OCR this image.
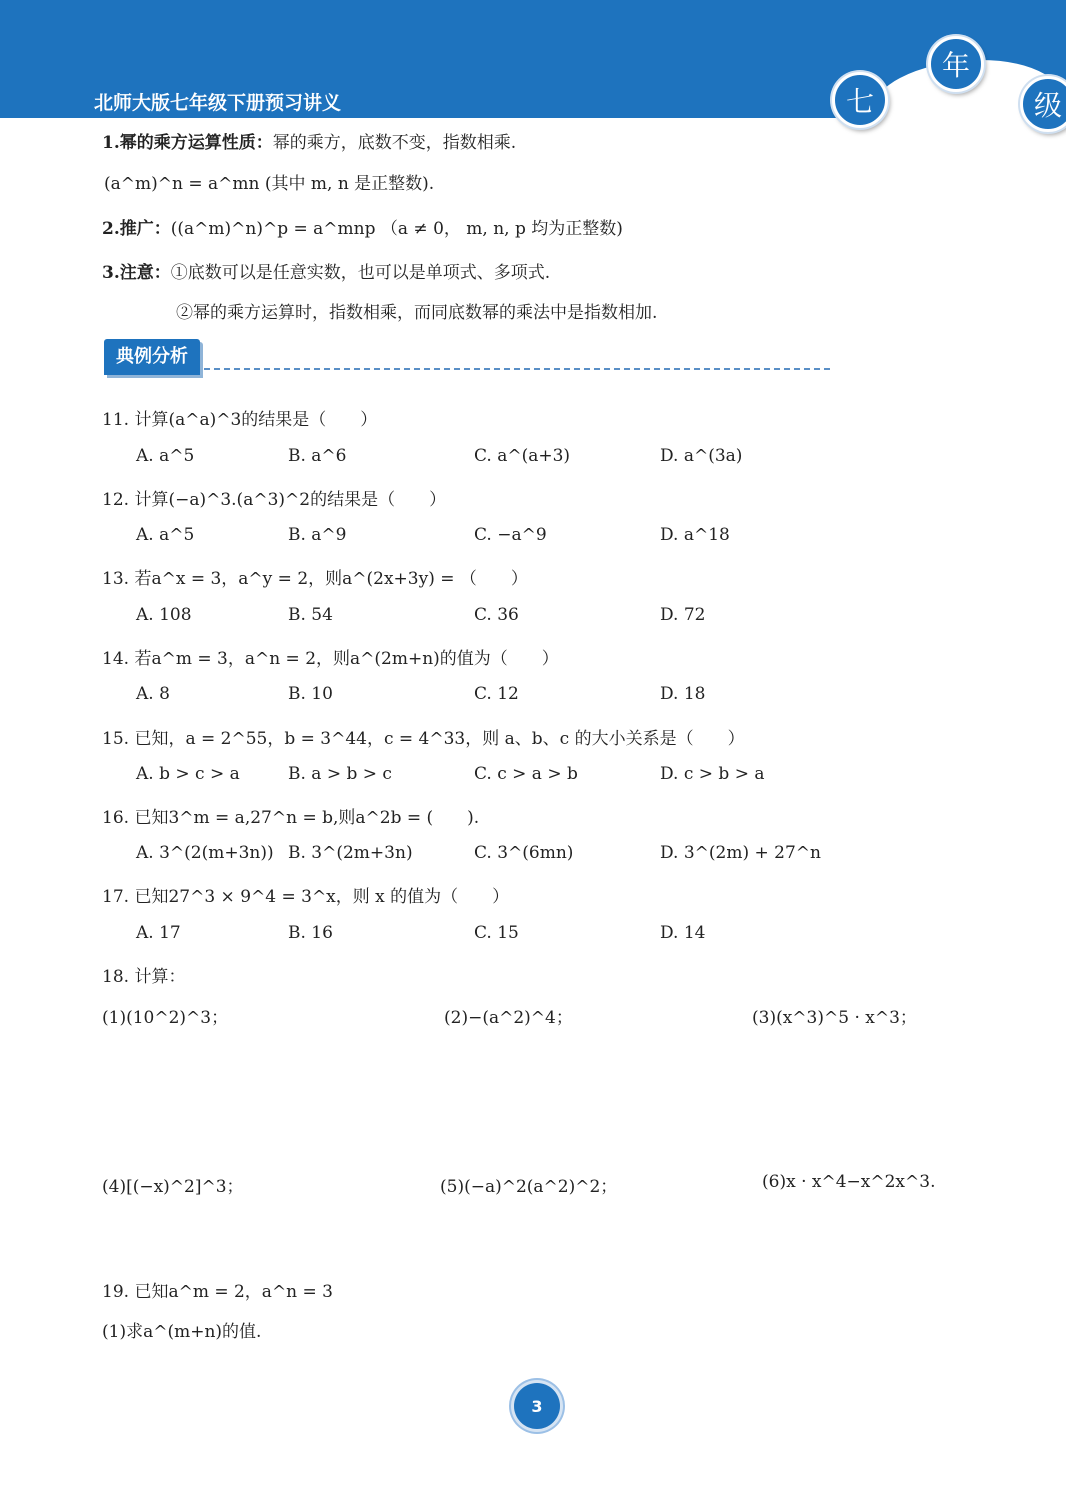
北师大版七年级下册预习讲义	七
年
级
1.幂的乘方运算性质：幂的乘方，底数不变，指数相乘.
(a^m)^n = a^mn (其中 m, n 是正整数).
2.推广：((a^m)^n)^p = a^mnp （a ≠ 0， m, n, p 均为正整数)
3.注意：①底数可以是任意实数，也可以是单项式、多项式.
②幂的乘方运算时，指数相乘，而同底数幂的乘法中是指数相加.
典例分析
11. 计算(a^a)^3的结果是（　　）
A. a^5	B. a^6	C. a^(a+3)	D. a^(3a)
12. 计算(−a)^3.(a^3)^2的结果是（　　）
A. a^5	B. a^9	C. −a^9	D. a^18
13. 若a^x = 3，a^y = 2，则a^(2x+3y) = （　　）
A. 108	B. 54	C. 36	D. 72
14. 若a^m = 3，a^n = 2，则a^(2m+n)的值为（　　）
A. 8	B. 10	C. 12	D. 18
15. 已知，a = 2^55，b = 3^44，c = 4^33，则 a、b、c 的大小关系是（　　）
A. b > c > a	B. a > b > c	C. c > a > b	D. c > b > a
16. 已知3^m = a,27^n = b,则a^2b = (　　).
A. 3^(2(m+3n)) B. 3^(2m+3n)	C. 3^(6mn)	D. 3^(2m) + 27^n
17. 已知27^3 × 9^4 = 3^x，则 x 的值为（　　）
A. 17	B. 16	C. 15	D. 14
18. 计算：
(1)(10^2)^3；	(2)−(a^2)^4；	(3)(x^3)^5 · x^3；
(4)[(−x)^2]^3；	(5)(−a)^2(a^2)^2；	(6)x · x^4−x^2x^3.
19. 已知a^m = 2，a^n = 3
(1)求a^(m+n)的值.
3
